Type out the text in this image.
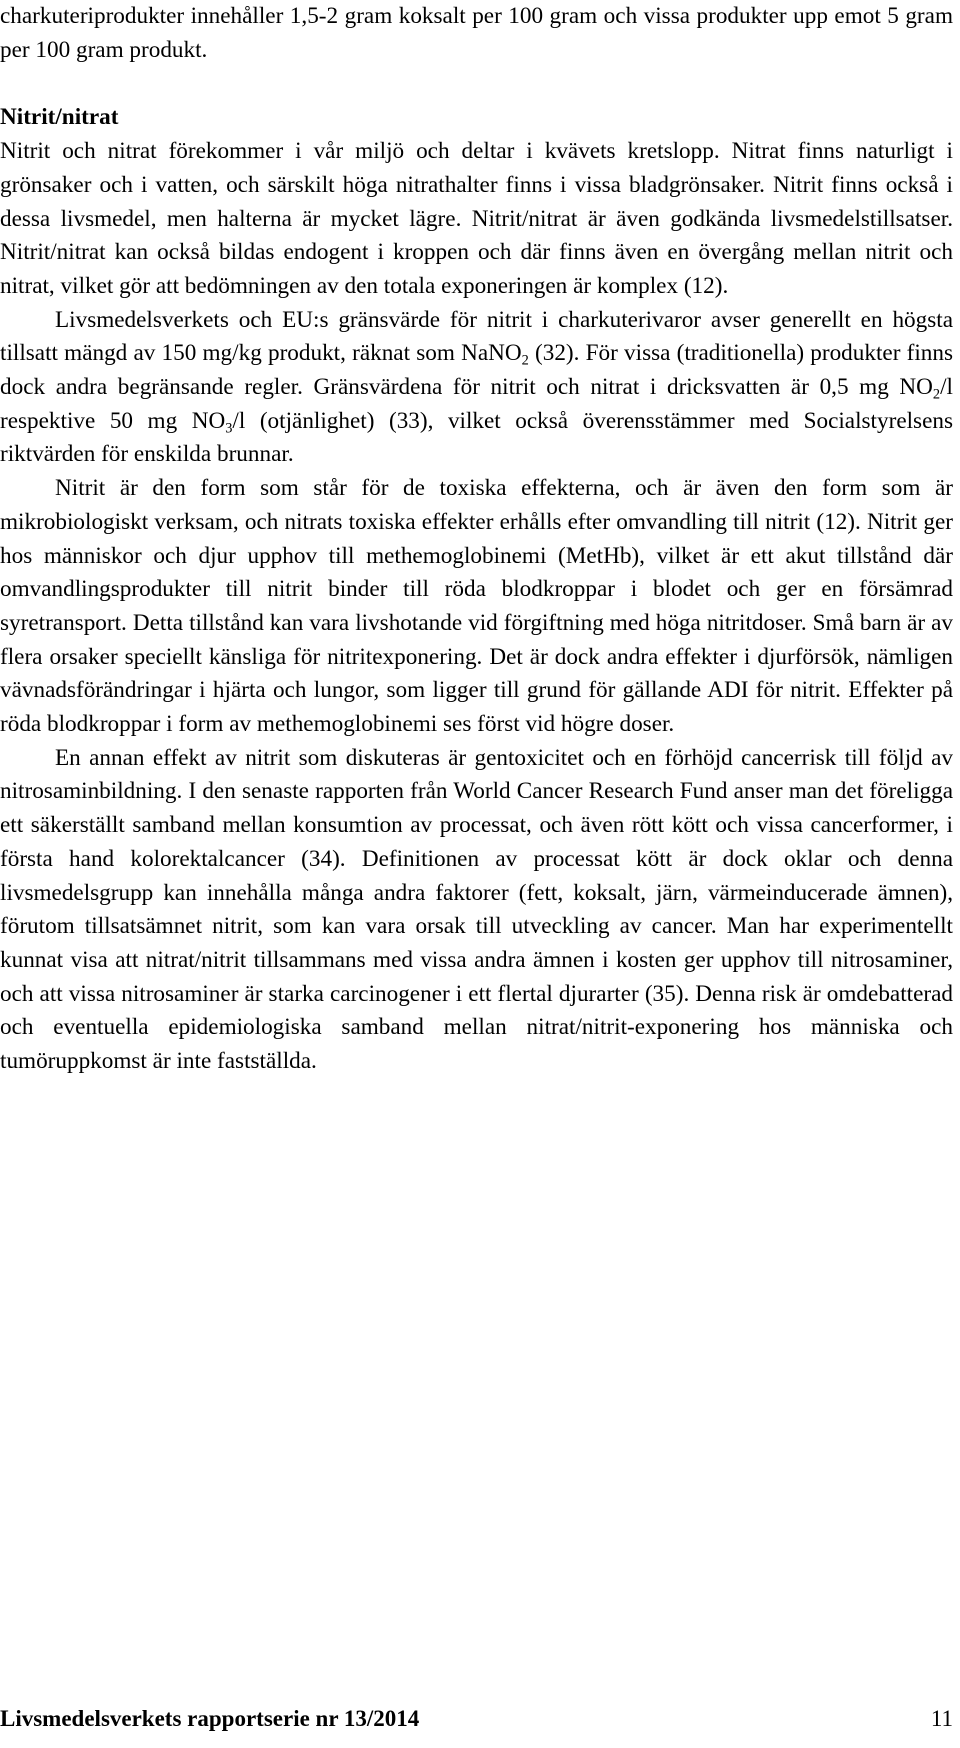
charkuteriprodukter innehåller 1,5-2 gram koksalt per 100 gram och vissa produkter upp emot 5 gram per 100 gram produkt.

Nitrit/nitrat

Nitrit och nitrat förekommer i vår miljö och deltar i kvävets kretslopp. Nitrat finns naturligt i grönsaker och i vatten, och särskilt höga nitrathalter finns i vissa bladgrönsaker. Nitrit finns också i dessa livsmedel, men halterna är mycket lägre. Nitrit/nitrat är även godkända livsmedelstillsatser. Nitrit/nitrat kan också bildas endogent i kroppen och där finns även en övergång mellan nitrit och nitrat, vilket gör att bedömningen av den totala exponeringen är komplex (12).

Livsmedelsverkets och EU:s gränsvärde för nitrit i charkuterivaror avser generellt en högsta tillsatt mängd av 150 mg/kg produkt, räknat som NaNO$_2$ (32). För vissa (traditionella) produkter finns dock andra begränsande regler. Gränsvärdena för nitrit och nitrat i dricksvatten är 0,5 mg $NO_2/l$ respektive 50 mg $NO_3/l$ (otjänlighet) (33), vilket också överensstämmer med Socialstyrelsens riktvärden för enskilda brunnar.

Nitrit är den form som står för de toxiska effekterna, och är även den form som är mikrobiologiskt verksam, och nitrats toxiska effekter erhålls efter omvandling till nitrit (12). Nitrit ger hos människor och djur upphov till methemoglobinemi (MetHb), vilket är ett akut tillstånd där omvandlingsprodukter till nitrit binder till röda blodkroppar i blodet och ger en försämrad syretransport. Detta tillstånd kan vara livshotande vid förgiftning med höga nitritdoser. Små barn är av flera orsaker speciellt känsliga för nitritexponering. Det är dock andra effekter i djurförsök, nämligen vävnadsförändringar i hjärta och lungor, som ligger till grund för gällande ADI för nitrit. Effekter på röda blodkroppar i form av methemoglobinemi ses först vid högre doser.

En annan effekt av nitrit som diskuteras är gentoxicitet och en förhöjd cancerrisk till följd av nitrosaminbildning. I den senaste rapporten från World Cancer Research Fund anser man det föreligga ett säkerställt samband mellan konsumtion av processat, och även rött kött och vissa cancerformer, i första hand kolorektalcancer (34). Definitionen av processat kött är dock oklar och denna livsmedelsgrupp kan innehålla många andra faktorer (fett, koksalt, järn, värmeinducerade ämnen), förutom tillsatsämnet nitrit, som kan vara orsak till utveckling av cancer. Man har experimentellt kunnat visa att nitrat/nitrit tillsammans med vissa andra ämnen i kosten ger upphov till nitrosaminer, och att vissa nitrosaminer är starka carcinogener i ett flertal djurarter (35). Denna risk är omdebatterad och eventuella epidemiologiska samband mellan nitrat/nitrit-exponering hos människa och tumöruppkomst är inte fastställda.

Livsmedelsverkets rapportserie nr 13/2014	11
